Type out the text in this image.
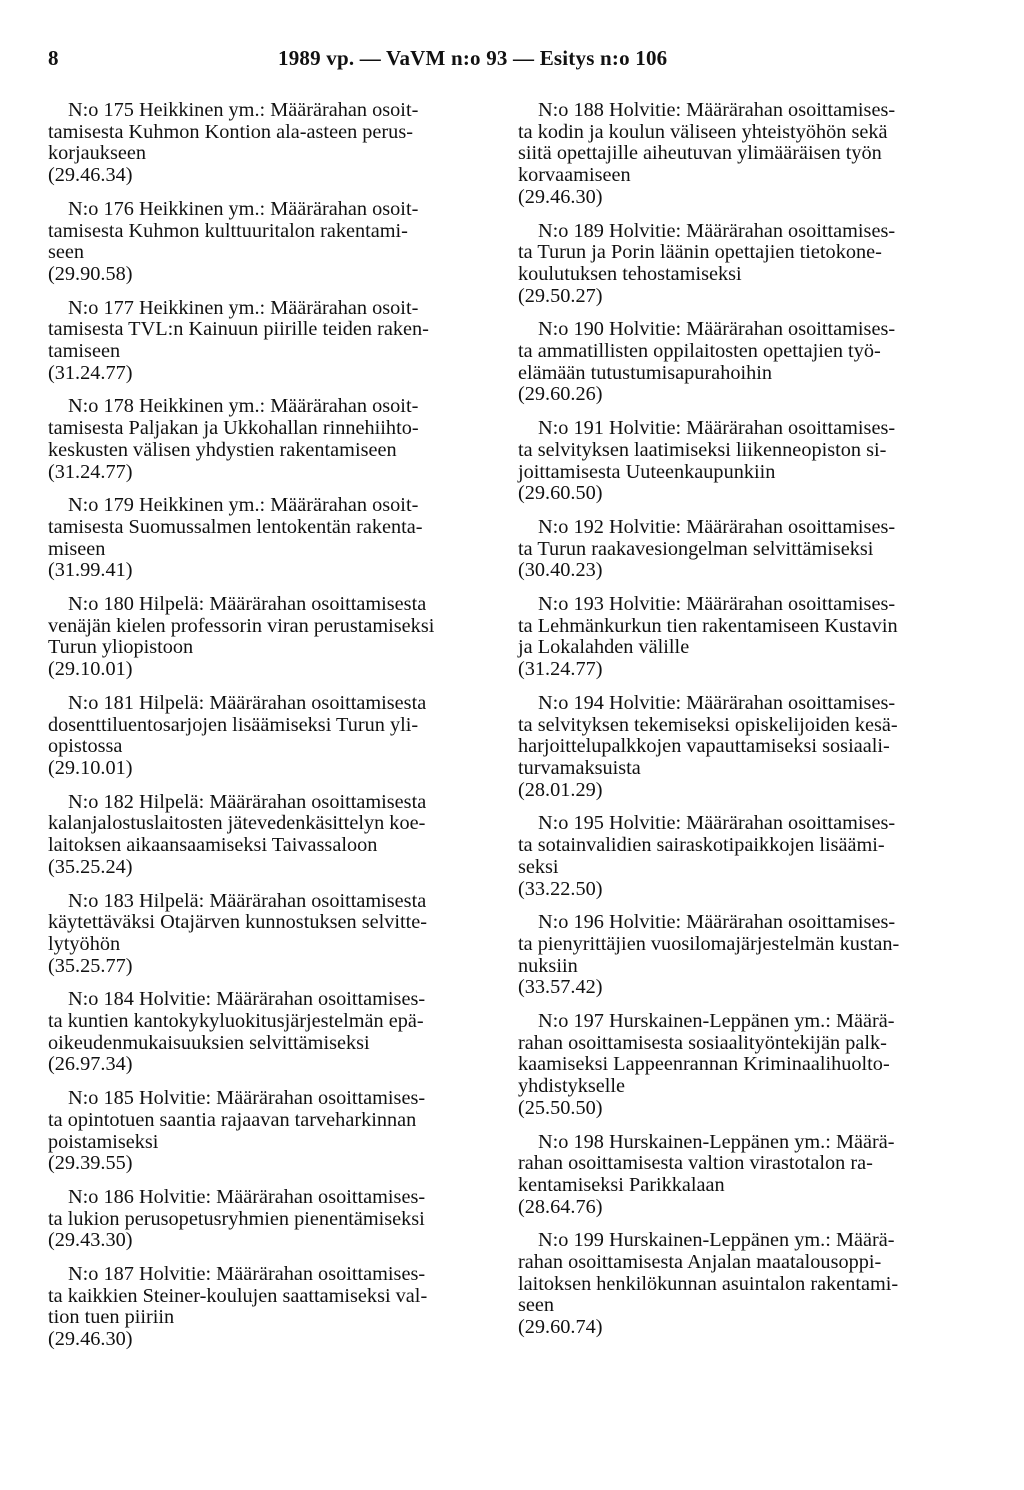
8	1989 vp. — VaVM n:o 93 — Esitys n:o 106
N:o 175 Heikkinen ym.: Määrärahan osoit-
tamisesta Kuhmon Kontion ala-asteen perus-
korjaukseen
(29.46.34)
N:o 176 Heikkinen ym.: Määrärahan osoit-
tamisesta Kuhmon kulttuuritalon rakentami-
seen
(29.90.58)
N:o 177 Heikkinen ym.: Määrärahan osoit-
tamisesta TVL:n Kainuun piirille teiden raken-
tamiseen
(31.24.77)
N:o 178 Heikkinen ym.: Määrärahan osoit-
tamisesta Paljakan ja Ukkohallan rinnehiihto-
keskusten välisen yhdystien rakentamiseen
(31.24.77)
N:o 179 Heikkinen ym.: Määrärahan osoit-
tamisesta Suomussalmen lentokentän rakenta-
miseen
(31.99.41)
N:o 180 Hilpelä: Määrärahan osoittamisesta
venäjän kielen professorin viran perustamiseksi
Turun yliopistoon
(29.10.01)
N:o 181 Hilpelä: Määrärahan osoittamisesta
dosenttiluentosarjojen lisäämiseksi Turun yli-
opistossa
(29.10.01)
N:o 182 Hilpelä: Määrärahan osoittamisesta
kalanjalostuslaitosten jätevedenkäsittelyn koe-
laitoksen aikaansaamiseksi Taivassaloon
(35.25.24)
N:o 183 Hilpelä: Määrärahan osoittamisesta
käytettäväksi Otajärven kunnostuksen selvitte-
lytyöhön
(35.25.77)
N:o 184 Holvitie: Määrärahan osoittamises-
ta kuntien kantokykyluokitusjärjestelmän epä-
oikeudenmukaisuuksien selvittämiseksi
(26.97.34)
N:o 185 Holvitie: Määrärahan osoittamises-
ta opintotuen saantia rajaavan tarveharkinnan
poistamiseksi
(29.39.55)
N:o 186 Holvitie: Määrärahan osoittamises-
ta lukion perusopetusryhmien pienentämiseksi
(29.43.30)
N:o 187 Holvitie: Määrärahan osoittamises-
ta kaikkien Steiner-koulujen saattamiseksi val-
tion tuen piiriin
(29.46.30)
N:o 188 Holvitie: Määrärahan osoittamises-
ta kodin ja koulun väliseen yhteistyöhön sekä
siitä opettajille aiheutuvan ylimääräisen työn
korvaamiseen
(29.46.30)
N:o 189 Holvitie: Määrärahan osoittamises-
ta Turun ja Porin läänin opettajien tietokone-
koulutuksen tehostamiseksi
(29.50.27)
N:o 190 Holvitie: Määrärahan osoittamises-
ta ammatillisten oppilaitosten opettajien työ-
elämään tutustumisapurahoihin
(29.60.26)
N:o 191 Holvitie: Määrärahan osoittamises-
ta selvityksen laatimiseksi liikenneopiston si-
joittamisesta Uuteenkaupunkiin
(29.60.50)
N:o 192 Holvitie: Määrärahan osoittamises-
ta Turun raakavesiongelman selvittämiseksi
(30.40.23)
N:o 193 Holvitie: Määrärahan osoittamises-
ta Lehmänkurkun tien rakentamiseen Kustavin
ja Lokalahden välille
(31.24.77)
N:o 194 Holvitie: Määrärahan osoittamises-
ta selvityksen tekemiseksi opiskelijoiden kesä-
harjoittelupalkkojen vapauttamiseksi sosiaali-
turvamaksuista
(28.01.29)
N:o 195 Holvitie: Määrärahan osoittamises-
ta sotainvalidien sairaskotipaikkojen lisäämi-
seksi
(33.22.50)
N:o 196 Holvitie: Määrärahan osoittamises-
ta pienyrittäjien vuosilomajärjestelmän kustan-
nuksiin
(33.57.42)
N:o 197 Hurskainen-Leppänen ym.: Määrä-
rahan osoittamisesta sosiaalityöntekijän palk-
kaamiseksi Lappeenrannan Kriminaalihuolto-
yhdistykselle
(25.50.50)
N:o 198 Hurskainen-Leppänen ym.: Määrä-
rahan osoittamisesta valtion virastotalon ra-
kentamiseksi Parikkalaan
(28.64.76)
N:o 199 Hurskainen-Leppänen ym.: Määrä-
rahan osoittamisesta Anjalan maatalousoppi-
laitoksen henkilökunnan asuintalon rakentami-
seen
(29.60.74)
